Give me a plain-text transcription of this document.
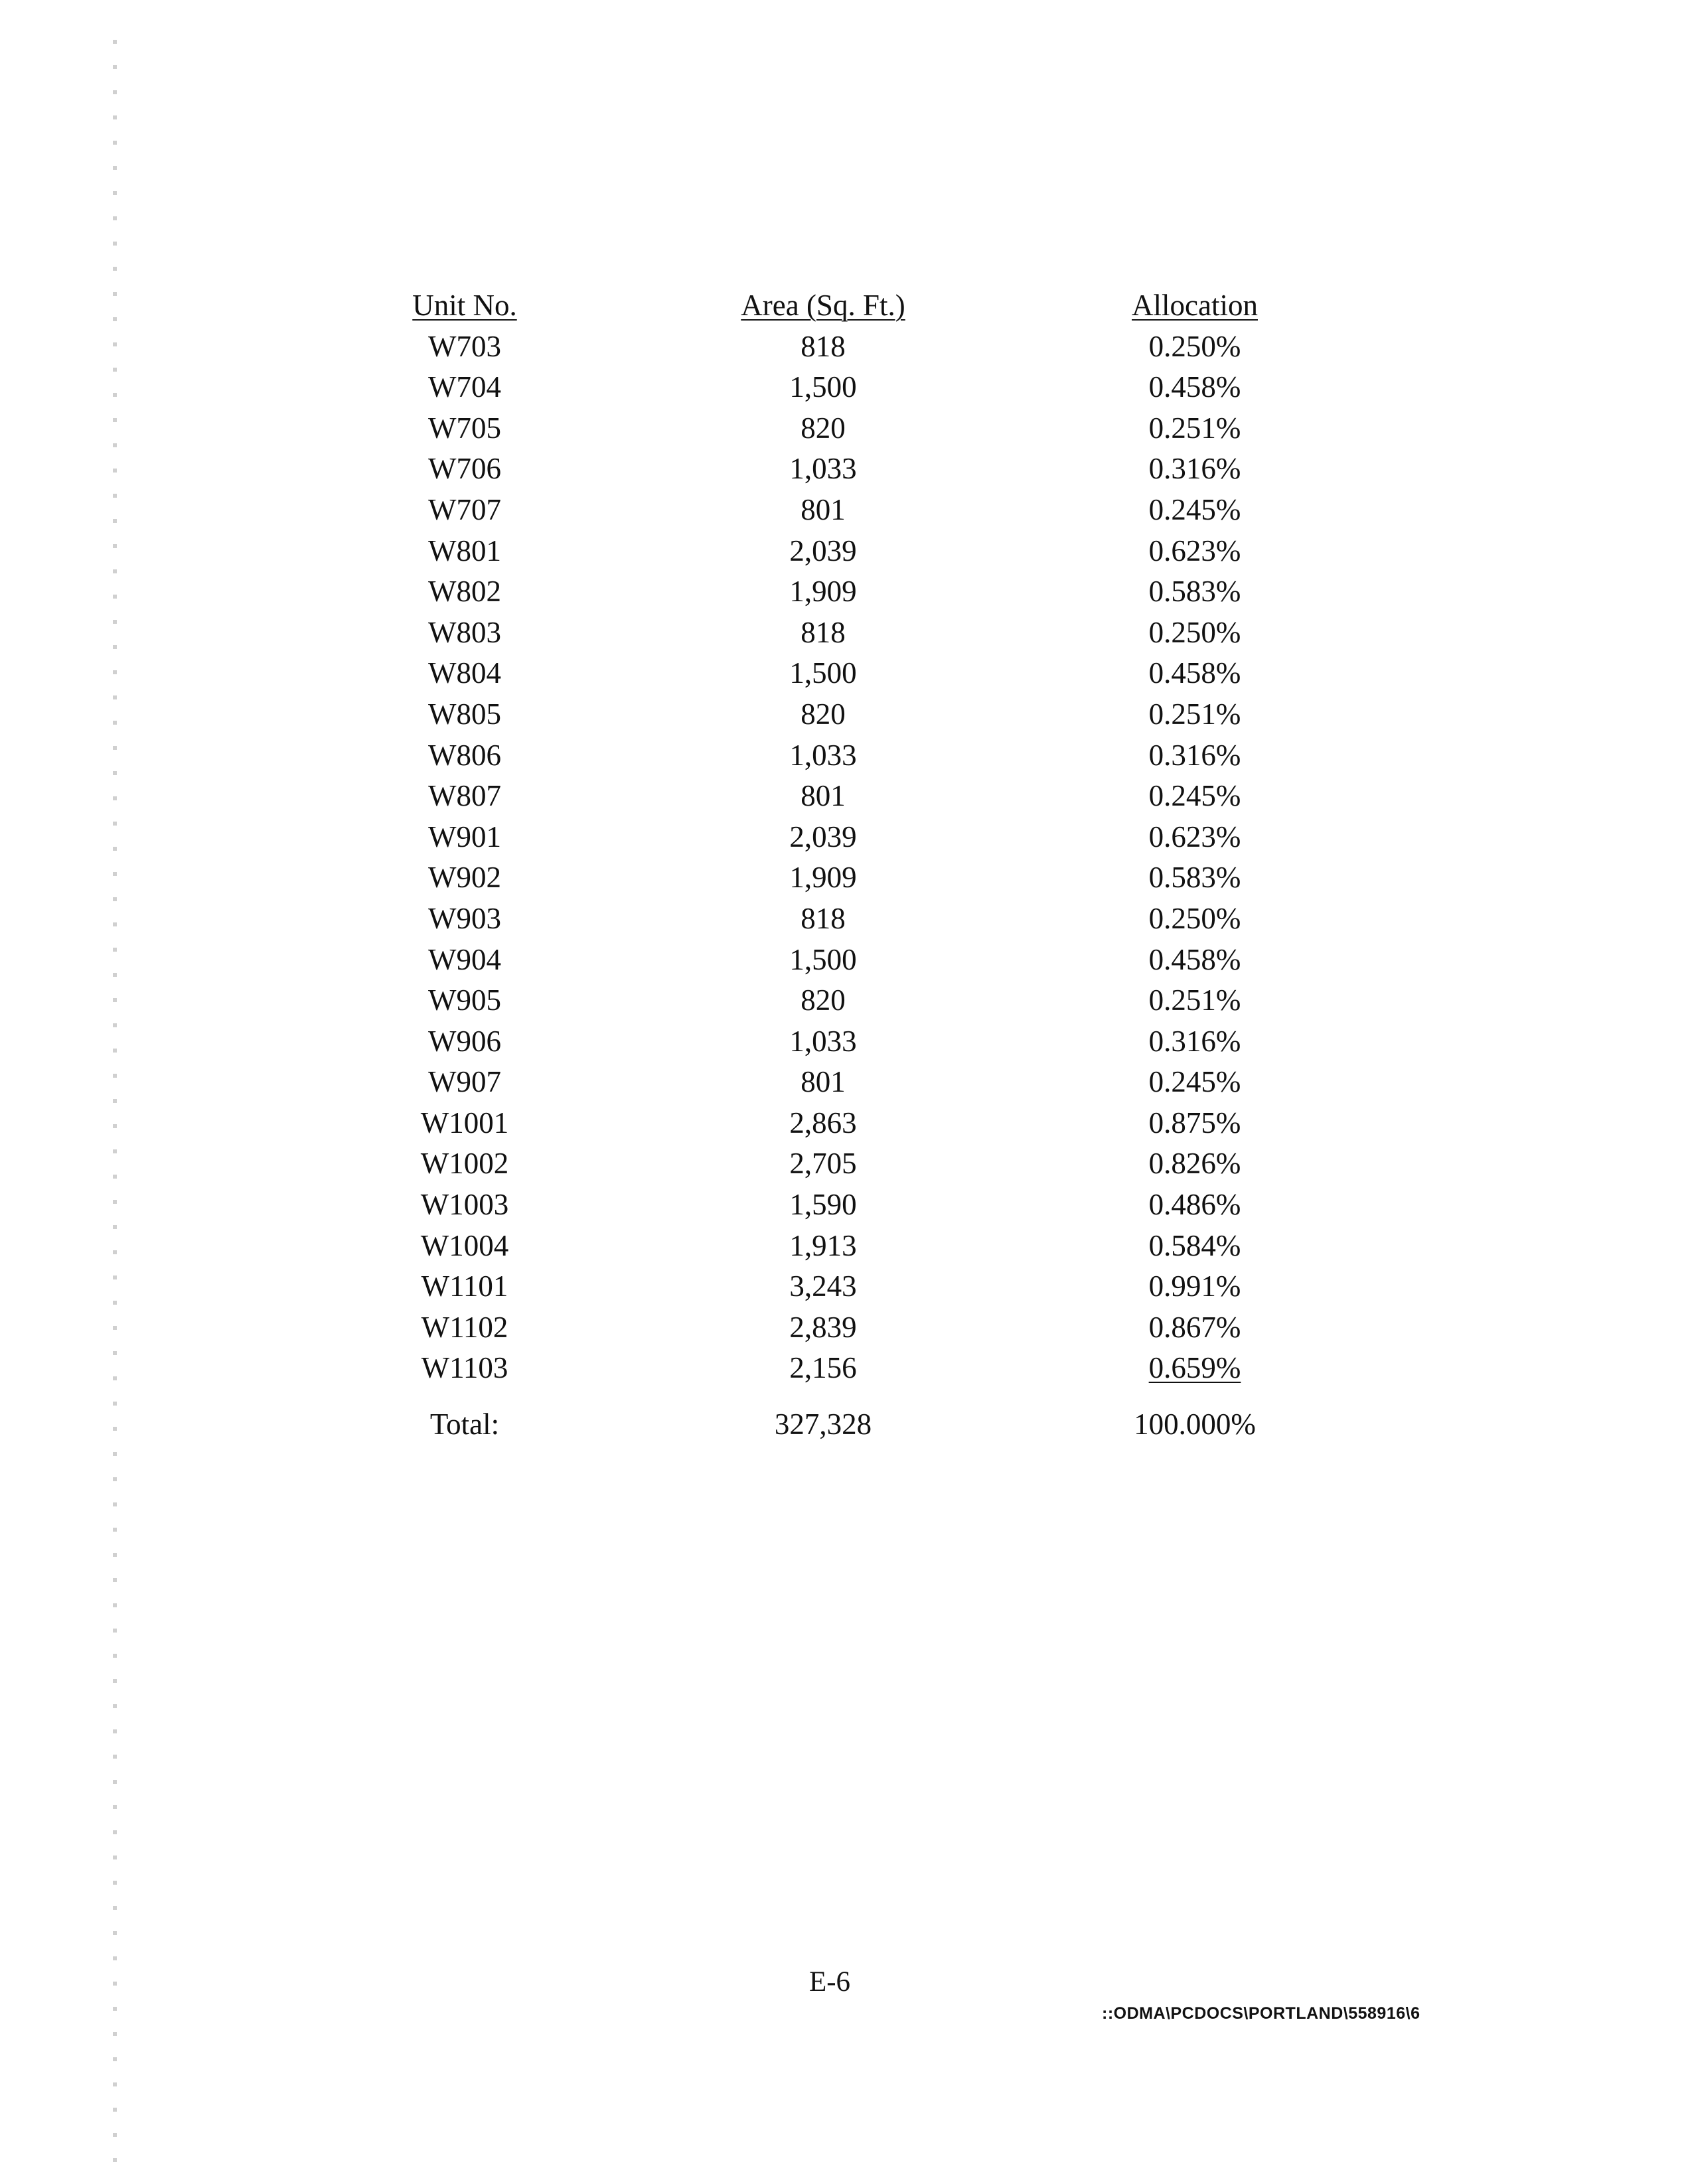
Unit No.
W703
W704
W705
W706
W707
W801
W802
W803
W804
W805
W806
W807
W901
W902
W903
W904
W905
W906
W907
W1001
W1002
W1003
W1004
W1101
W1102
W1103
Area (Sq. Ft.)
818
1,500
820
1,033
801
2,039
1,909
818
1,500
820
1,033
801
2,039
1,909
818
1,500
820
1,033
801
2,863
2,705
1,590
1,913
3,243
2,839
2,156
Allocation
0.250%
0.458%
0.251%
0.316%
0.245%
0.623%
0.583%
0.250%
0.458%
0.251%
0.316%
0.245%
0.623%
0.583%
0.250%
0.458%
0.251%
0.316%
0.245%
0.875%
0.826%
0.486%
0.584%
0.991%
0.867%
0.659%
Total:	327,328	100.000%
E-6
::ODMA\PCDOCS\PORTLAND\558916\6
